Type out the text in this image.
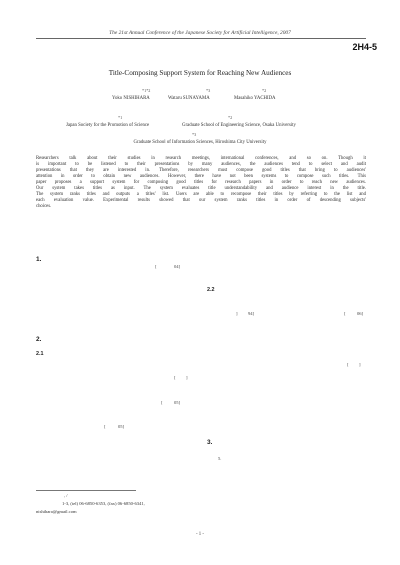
The 21st Annual Conference of the Japanese Society for Artificial Intelligence, 2007
2H4-5
Title-Composing Support System for Reaching New Audiences
*1*2	*3	*2
Yoko NISHIHARA	Wataru SUNAYAMA	Masahiko YACHIDA
*1	*2
Japan Society for the Promotion of Science	Graduate School of Engineering Science, Osaka University
*3
Graduate School of Information Sciences, Hiroshima City University
Researchers talk about their studies in research meetings, international conferences, and so on. Though it
is important to be listened to their presentations by many audiences, the audiences tend to select and audit
presentations that they are interested in. Therefore, researchers must compose good titles that bring to audiences'
attention in order to obtain new audiences. However, there have not been systems to compose such titles. This
paper proposes a support system for composing good titles for research papers in order to reach new audiences.
Our system takes titles as input. The system evaluates title understandability and audience interest in the title.
The system ranks titles and outputs a titles' list. Users are able to recompose their titles by referring to the list and
each evaluation value. Experimental results showed that our system ranks titles in order of descending subjects'
choices.
1.
2.
2.1
2.2
3.
[	04]
[ ]
[ 05]
[	05]
] 94]	[ 06]
[ ]
5.
, /
1-3, (tel) 06-6850-6353, (fax) 06-6850-6341,
nishihara@gmail.com
- 1 -
